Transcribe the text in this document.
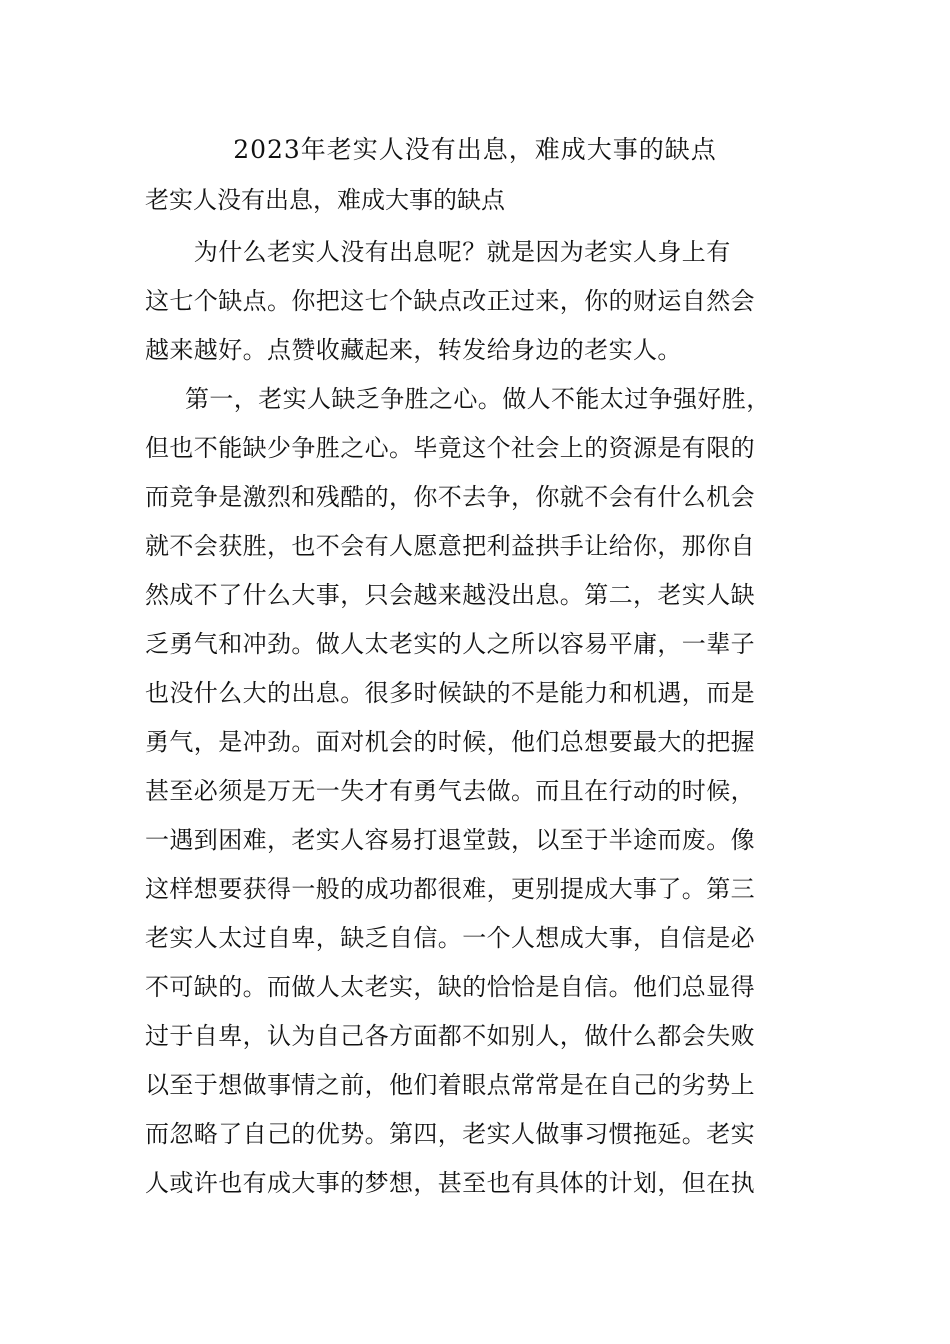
2023年老实人没有出息，难成大事的缺点
老实人没有出息，难成大事的缺点
　　为什么老实人没有出息呢？就是因为老实人身上有
这七个缺点。你把这七个缺点改正过来，你的财运自然会
越来越好。点赞收藏起来，转发给身边的老实人。
第一，老实人缺乏争胜之心。做人不能太过争强好胜，
但也不能缺少争胜之心。毕竟这个社会上的资源是有限的
而竞争是激烈和残酷的，你不去争，你就不会有什么机会
就不会获胜，也不会有人愿意把利益拱手让给你，那你自
然成不了什么大事，只会越来越没出息。第二，老实人缺
乏勇气和冲劲。做人太老实的人之所以容易平庸，一辈子
也没什么大的出息。很多时候缺的不是能力和机遇，而是
勇气，是冲劲。面对机会的时候，他们总想要最大的把握
甚至必须是万无一失才有勇气去做。而且在行动的时候，
一遇到困难，老实人容易打退堂鼓，以至于半途而废。像
这样想要获得一般的成功都很难，更别提成大事了。第三
老实人太过自卑，缺乏自信。一个人想成大事，自信是必
不可缺的。而做人太老实，缺的恰恰是自信。他们总显得
过于自卑，认为自己各方面都不如别人，做什么都会失败
以至于想做事情之前，他们着眼点常常是在自己的劣势上
而忽略了自己的优势。第四，老实人做事习惯拖延。老实
人或许也有成大事的梦想，甚至也有具体的计划，但在执
